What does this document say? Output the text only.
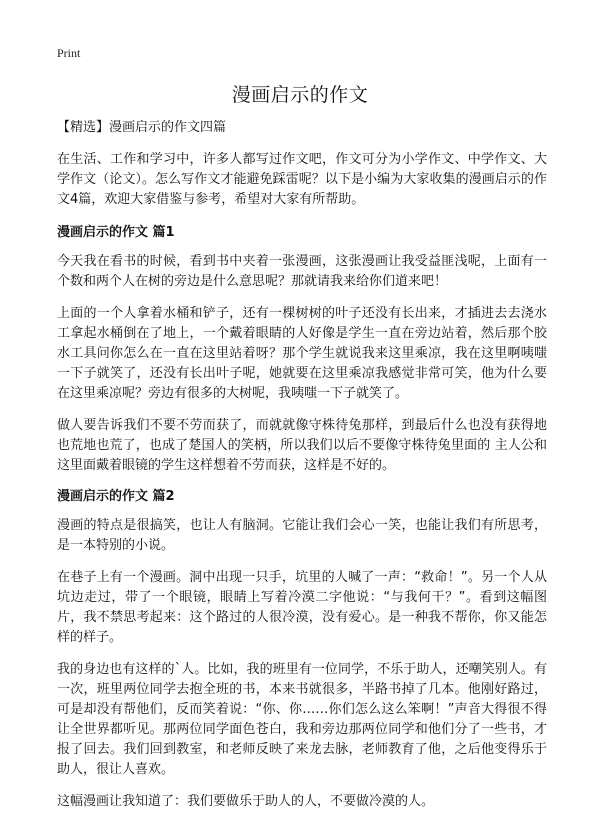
Print
漫画启示的作文
【精选】漫画启示的作文四篇

在生活、工作和学习中，许多人都写过作文吧，作文可分为小学作文、中学作文、大学作文（论文）。怎么写作文才能避免踩雷呢？以下是小编为大家收集的漫画启示的作文4篇，欢迎大家借鉴与参考，希望对大家有所帮助。

漫画启示的作文 篇1

今天我在看书的时候，看到书中夹着一张漫画，这张漫画让我受益匪浅呢，上面有一个数和两个人在树的旁边是什么意思呢？那就请我来给你们道来吧！

上面的一个人拿着水桶和铲子，还有一棵树树的叶子还没有长出来，才插进去去浇水工拿起水桶倒在了地上，一个戴着眼睛的人好像是学生一直在旁边站着，然后那个胶水工具问你怎么在一直在这里站着呀？那个学生就说我来这里乘凉，我在这里啊咦嗤一下子就笑了，还没有长出叶子呢，她就要在这里乘凉我感觉非常可笑，他为什么要在这里乘凉呢？旁边有很多的大树呢，我咦嗤一下子就笑了。

做人要告诉我们不要不劳而获了，而就就像守株待兔那样，到最后什么也没有获得地也荒地也荒了，也成了楚国人的笑柄，所以我们以后不要像守株待兔里面的 主人公和这里面戴着眼镜的学生这样想着不劳而获，这样是不好的。

漫画启示的作文 篇2

漫画的特点是很搞笑，也让人有脑洞。它能让我们会心一笑，也能让我们有所思考，是一本特别的小说。

在巷子上有一个漫画。洞中出现一只手，坑里的人喊了一声：“救命！”。另一个人从坑边走过，带了一个眼镜，眼睛上写着冷漠二字他说：“与我何干？”。看到这幅图片，我不禁思考起来：这个路过的人很冷漠，没有爱心。是一种我不帮你，你又能怎样的样子。

我的身边也有这样的`人。比如，我的班里有一位同学，不乐于助人，还嘲笑别人。有一次，班里两位同学去抱全班的书，本来书就很多，半路书掉了几本。他刚好路过，可是却没有帮他们，反而笑着说：“你、你……你们怎么这么笨啊！”声音大得很不得让全世界都听见。那两位同学面色苍白，我和旁边那两位同学和他们分了一些书，才报了回去。我们回到教室，和老师反映了来龙去脉，老师教育了他，之后他变得乐于助人，很让人喜欢。

这幅漫画让我知道了：我们要做乐于助人的人，不要做冷漠的人。
